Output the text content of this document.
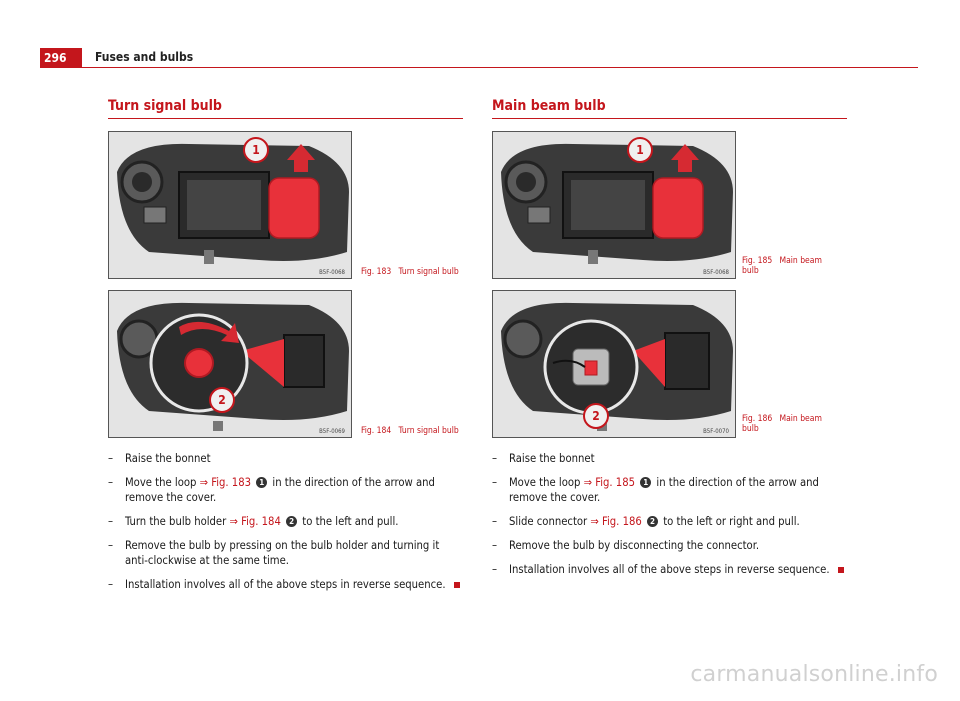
296	Fuses and bulbs
Turn signal bulb
1
B5F-0068 Fig. 183 Turn signal bulb
2
B5F-0069 Fig. 184 Turn signal bulb
– Raise the bonnet
– Move the loop ⇒ Fig. 183 1 in the direction of the arrow and remove the cover.
– Turn the bulb holder ⇒ Fig. 184 2 to the left and pull.
– Remove the bulb by pressing on the bulb holder and turning it anti-clockwise at the same time.
– Installation involves all of the above steps in reverse sequence.
Main beam bulb
1
B5F-0068
Fig. 185 Main beam bulb
2
B5F-0070
Fig. 186 Main beam bulb
– Raise the bonnet
– Move the loop ⇒ Fig. 185 1 in the direction of the arrow and remove the cover.
– Slide connector ⇒ Fig. 186 2 to the left or right and pull.
– Remove the bulb by disconnecting the connector.
– Installation involves all of the above steps in reverse sequence.
carmanualsonline.info
